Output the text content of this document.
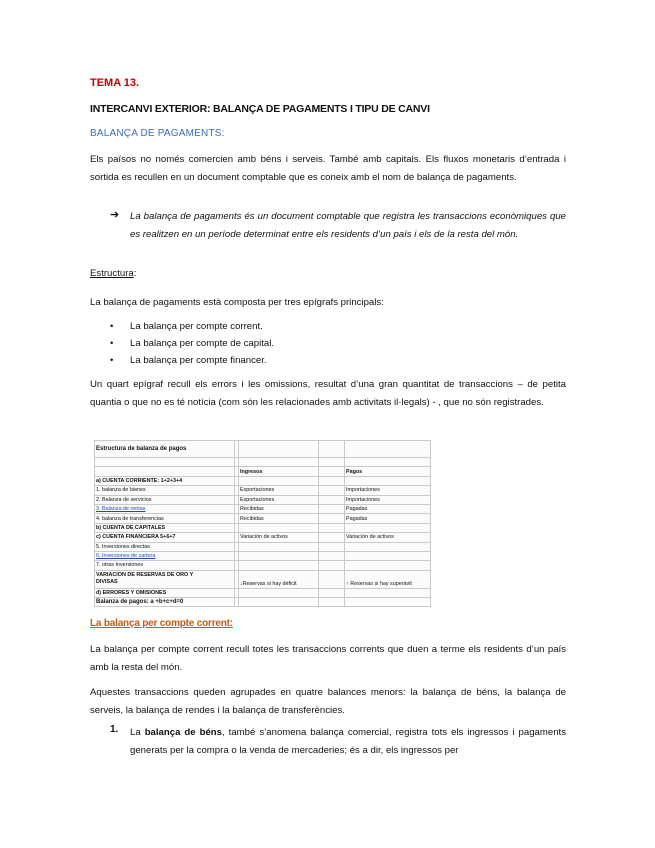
TEMA 13.
INTERCANVI EXTERIOR: BALANÇA DE PAGAMENTS I TIPU DE CANVI
BALANÇA DE PAGAMENTS:
Els països no només comercien amb béns i serveis. També amb capitals. Els fluxos monetaris d’entrada i sortida es recullen en un document comptable que es coneix amb el nom de balança de pagaments.
➔ La balança de pagaments és un document comptable que registra les transaccions econòmiques que es realitzen en un període determinat entre els residents d’un país i els de la resta del món.
Estructura:
La balança de pagaments està composta per tres epígrafs principals:
• La balança per compte corrent.
• La balança per compte de capital.
• La balança per compte financer.
Un quart epígraf recull els errors i les omissions, resultat d’una gran quantitat de transaccions – de petita quantia o que no es té notícia (com són les relacionades amb activitats il·legals) - , que no són registrades.
Estructura de balanza de pagos				

		Ingresos		Pagos
a) CUENTA CORRIENTE: 1+2+3+4				
1. balanza de bienes		Exportaciones		Importaciones
2. Balanza de servicios		Exportaciones		Importaciones
3. Balanza de rentas		Recibidas		Pagadas
4. balanza de transferencias		Recibidas		Pagadas
b) CUENTA DE CAPITALES				
c) CUENTA FINANCIERA 5+6+7		Variación de activos		Variación de activos
5. Inversiones directas				
6. Inversiones de cartera				
7. otras Inversiones				
VARIACION DE RESERVAS DE ORO Y
DIVISAS		↓Reservas si hay déficit		↑ Reservas si hay superávit
d) ERRORES Y OMISIONES				
Balanza de pagos: a +b+c+d=0				
La balança per compte corrent:
La balança per compte corrent recull totes les transaccions corrents que duen a terme els residents d’un país amb la resta del món.
Aquestes transaccions queden agrupades en quatre balances menors: la balança de béns, la balança de serveis, la balança de rendes i la balança de transferències.
1. La balança de béns, també s’anomena balança comercial, registra tots els ingressos i pagaments generats per la compra o la venda de mercaderies; és a dir, els ingressos per
